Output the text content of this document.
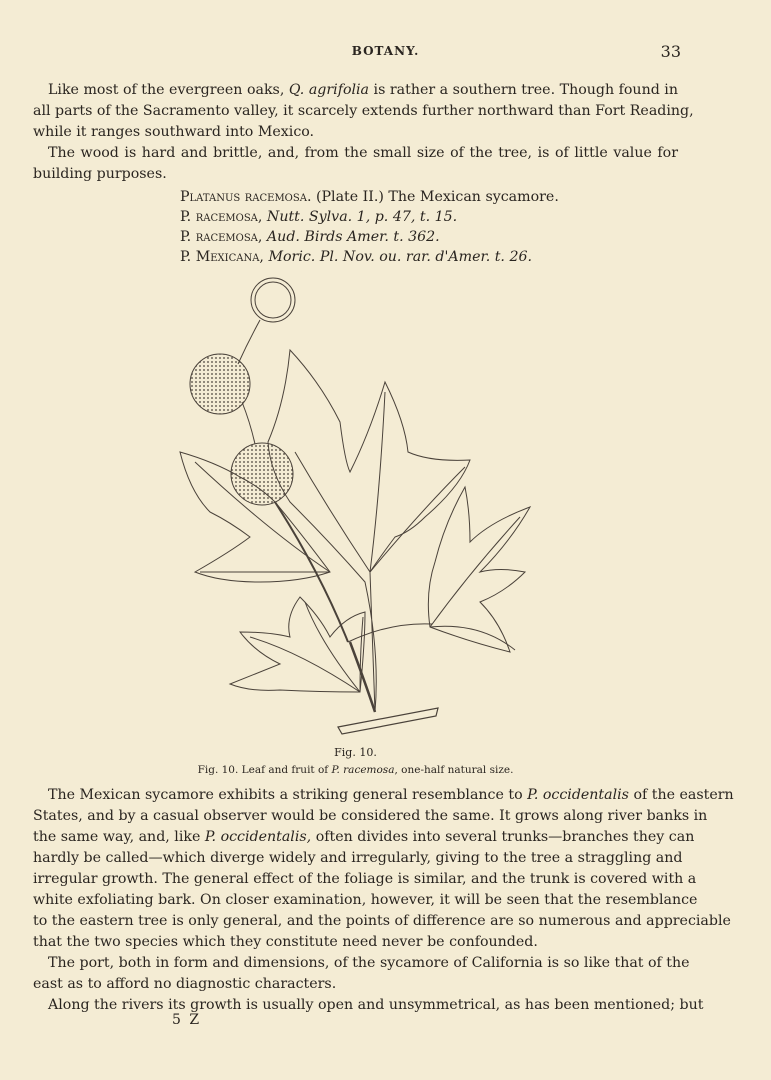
BOTANY.	33

Like most of the evergreen oaks, Q. agrifolia is rather a southern tree. Though found in
all parts of the Sacramento valley, it scarcely extends further northward than Fort Reading,
while it ranges southward into Mexico.

The wood is hard and brittle, and, from the small size of the tree, is of little value for
building purposes.

Platanus racemosa. (Plate II.) The Mexican sycamore.
P. racemosa, Nutt. Sylva. 1, p. 47, t. 15.
P. racemosa, Aud. Birds Amer. t. 362.
P. Mexicana, Moric. Pl. Nov. ou. rar. d'Amer. t. 26.
Fig. 10.
Fig. 10. Leaf and fruit of P. racemosa, one-half natural size.

The Mexican sycamore exhibits a striking general resemblance to P. occidentalis of the eastern
States, and by a casual observer would be considered the same. It grows along river banks in
the same way, and, like P. occidentalis, often divides into several trunks—branches they can
hardly be called—which diverge widely and irregularly, giving to the tree a straggling and
irregular growth. The general effect of the foliage is similar, and the trunk is covered with a
white exfoliating bark. On closer examination, however, it will be seen that the resemblance
to the eastern tree is only general, and the points of difference are so numerous and appreciable
that the two species which they constitute need never be confounded.

The port, both in form and dimensions, of the sycamore of California is so like that of the
east as to afford no diagnostic characters.

Along the rivers its growth is usually open and unsymmetrical, as has been mentioned; but

5 Z
